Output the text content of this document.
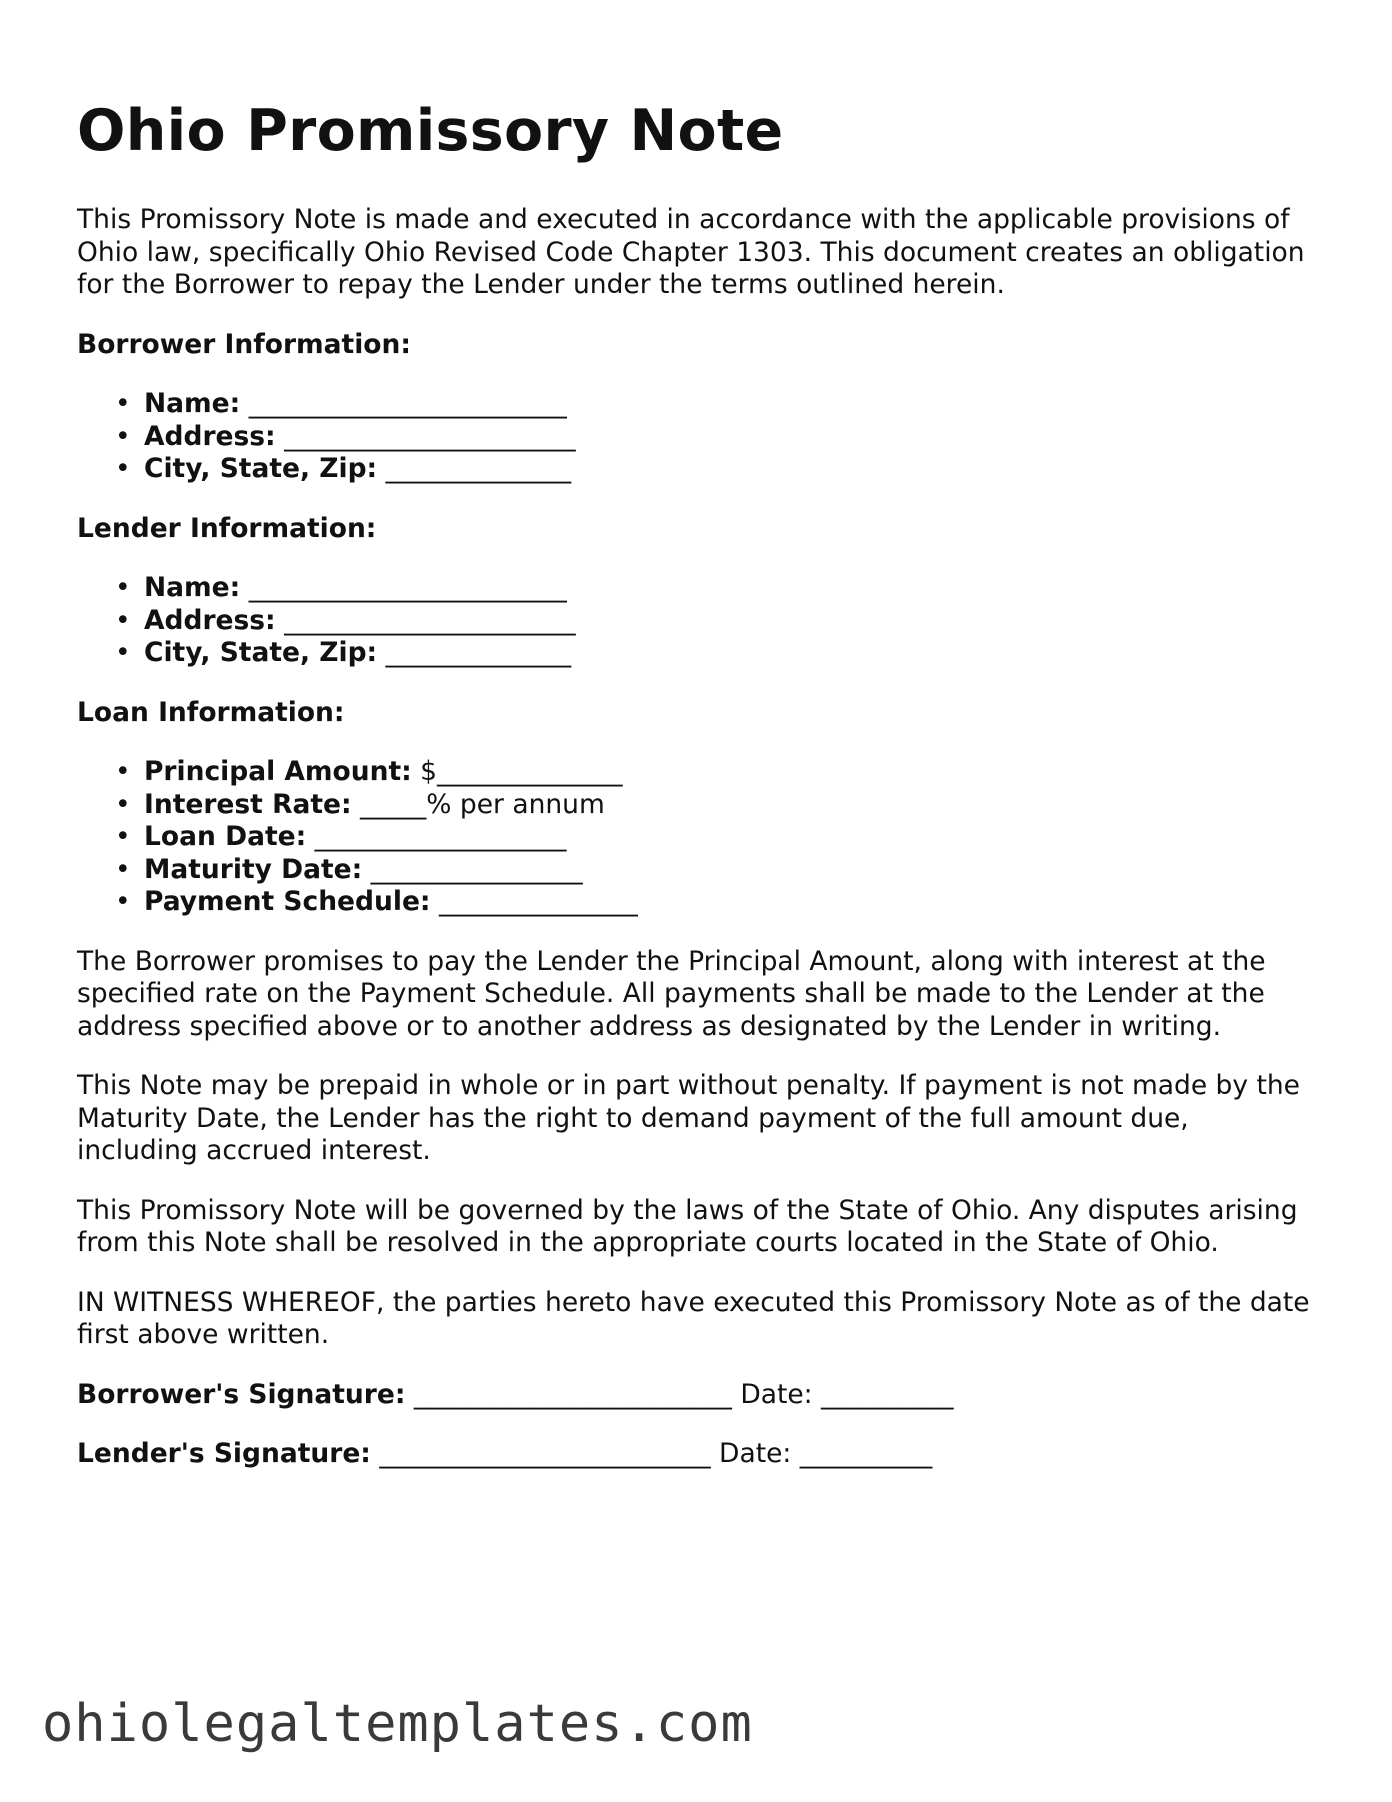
Ohio Promissory Note

This Promissory Note is made and executed in accordance with the applicable provisions of Ohio law, specifically Ohio Revised Code Chapter 1303. This document creates an obligation for the Borrower to repay the Lender under the terms outlined herein.

Borrower Information:
• Name: ________________________
• Address: ______________________
• City, State, Zip: ______________
Lender Information:
• Name: ________________________
• Address: ______________________
• City, State, Zip: ______________
Loan Information:
• Principal Amount: $______________
• Interest Rate: _____% per annum
• Loan Date: ___________________
• Maturity Date: ________________
• Payment Schedule: _______________

The Borrower promises to pay the Lender the Principal Amount, along with interest at the specified rate on the Payment Schedule. All payments shall be made to the Lender at the address specified above or to another address as designated by the Lender in writing.

This Note may be prepaid in whole or in part without penalty. If payment is not made by the Maturity Date, the Lender has the right to demand payment of the full amount due, including accrued interest.

This Promissory Note will be governed by the laws of the State of Ohio. Any disputes arising from this Note shall be resolved in the appropriate courts located in the State of Ohio.

IN WITNESS WHEREOF, the parties hereto have executed this Promissory Note as of the date first above written.

Borrower's Signature: ________________________ Date: __________
Lender's Signature: _________________________ Date: __________
ohiolegaltemplates.com
